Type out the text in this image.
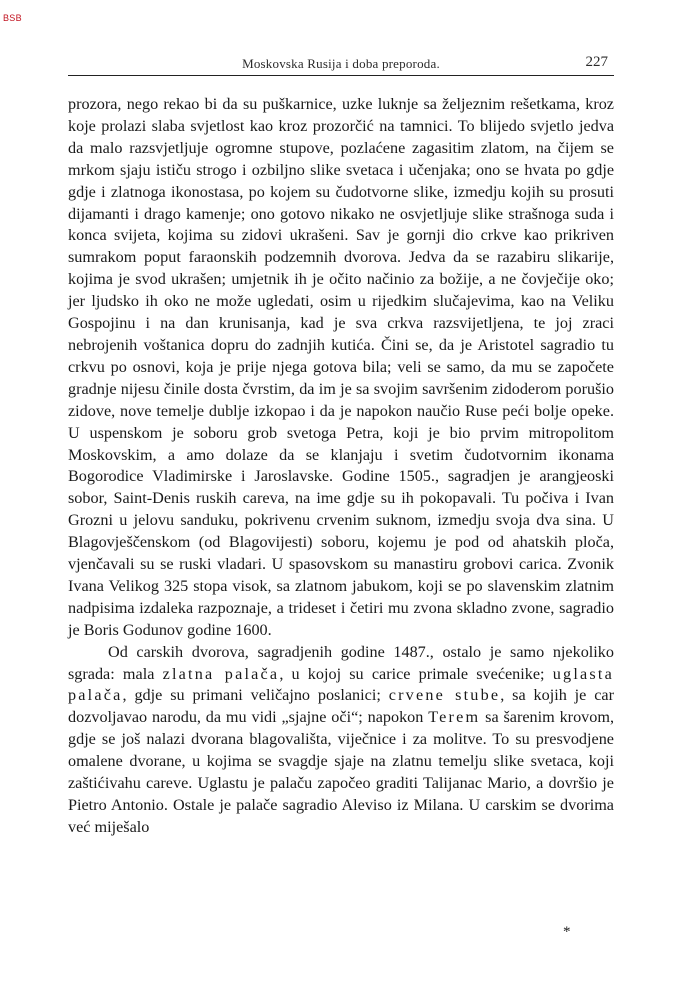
BSB
Moskovska Rusija i doba preporoda.	227

prozora, nego rekao bi da su puškarnice, uzke luknje sa željeznim rešetkama, kroz koje prolazi slaba svjetlost kao kroz prozorčić na tamnici. To blijedo svjetlo jedva da malo razsvjetljuje ogromne stupove, pozlaćene zagasitim zlatom, na čijem se mrkom sjaju ističu strogo i ozbiljno slike svetaca i učenjaka; ono se hvata po gdje gdje i zlatnoga ikonostasa, po kojem su čudotvorne slike, izmedju kojih su prosuti dijamanti i drago kamenje; ono gotovo nikako ne osvjetljuje slike strašnoga suda i konca svijeta, kojima su zidovi ukrašeni. Sav je gornji dio crkve kao prikriven sumrakom poput faraonskih podzemnih dvorova. Jedva da se razabiru slikarije, kojima je svod ukrašen; umjetnik ih je očito načinio za božije, a ne čovječije oko; jer ljudsko ih oko ne može ugledati, osim u rijedkim slučajevima, kao na Veliku Gospojinu i na dan krunisanja, kad je sva crkva razsvijetljena, te joj zraci nebrojenih voštanica dopru do zadnjih kutića. Čini se, da je Aristotel sagradio tu crkvu po osnovi, koja je prije njega gotova bila; veli se samo, da mu se započete gradnje nijesu činile dosta čvrstim, da im je sa svojim savršenim zidoderom porušio zidove, nove temelje dublje izkopao i da je napokon naučio Ruse peći bolje opeke. U uspenskom je soboru grob svetoga Petra, koji je bio prvim mitropolitom Moskovskim, a amo dolaze da se klanjaju i svetim čudotvornim ikonama Bogorodice Vladimirske i Jaroslavske. Godine 1505., sagradjen je arangjeoski sobor, Saint-Denis ruskih careva, na ime gdje su ih pokopavali. Tu počiva i Ivan Grozni u jelovu sanduku, pokrivenu crvenim suknom, izmedju svoja dva sina. U Blagovješčenskom (od Blagovijesti) soboru, kojemu je pod od ahatskih ploča, vjenčavali su se ruski vladari. U spasovskom su manastiru grobovi carica. Zvonik Ivana Velikog 325 stopa visok, sa zlatnom jabukom, koji se po slavenskim zlatnim nadpisima izdaleka razpoznaje, a trideset i četiri mu zvona skladno zvone, sagradio je Boris Godunov godine 1600.

Od carskih dvorova, sagradjenih godine 1487., ostalo je samo njekoliko sgrada: mala zlatna palača, u kojoj su carice primale svećenike; uglasta palača, gdje su primani veličajno poslanici; crvene stube, sa kojih je car dozvoljavao narodu, da mu vidi „sjajne oči“; napokon Terem sa šarenim krovom, gdje se još nalazi dvorana blagovališta, viječnice i za molitve. To su presvodjene omalene dvorane, u kojima se svagdje sjaje na zlatnu temelju slike svetaca, koji zaštićivahu careve. Uglastu je palaču započeo graditi Talijanac Mario, a dovršio je Pietro Antonio. Ostale je palače sagradio Aleviso iz Milana. U carskim se dvorima već miješalo

*
